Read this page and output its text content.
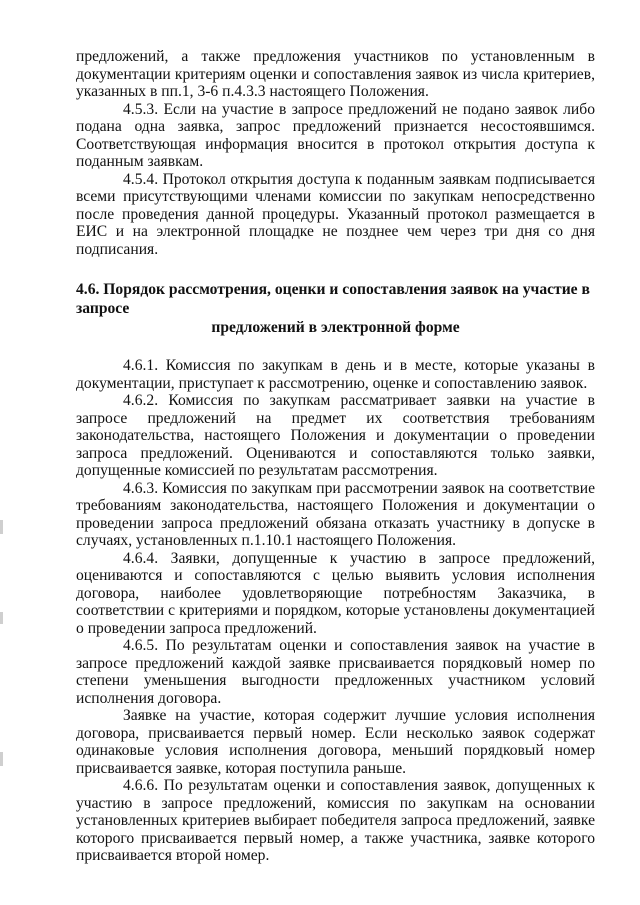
предложений, а также предложения участников по установленным в документации критериям оценки и сопоставления заявок из числа критериев, указанных в пп.1, 3-6 п.4.3.3 настоящего Положения.

4.5.3. Если на участие в запросе предложений не подано заявок либо подана одна заявка, запрос предложений признается несостоявшимся. Соответствующая информация вносится в протокол открытия доступа к поданным заявкам.

4.5.4. Протокол открытия доступа к поданным заявкам подписывается всеми присутствующими членами комиссии по закупкам непосредственно после проведения данной процедуры. Указанный протокол размещается в ЕИС и на электронной площадке не позднее чем через три дня со дня подписания.

4.6. Порядок рассмотрения, оценки и сопоставления заявок на участие в запросе
предложений в электронной форме

4.6.1. Комиссия по закупкам в день и в месте, которые указаны в документации, приступает к рассмотрению, оценке и сопоставлению заявок.

4.6.2. Комиссия по закупкам рассматривает заявки на участие в запросе предложений на предмет их соответствия требованиям законодательства, настоящего Положения и документации о проведении запроса предложений. Оцениваются и сопоставляются только заявки, допущенные комиссией по результатам рассмотрения.

4.6.3. Комиссия по закупкам при рассмотрении заявок на соответствие требованиям законодательства, настоящего Положения и документации о проведении запроса предложений обязана отказать участнику в допуске в случаях, установленных п.1.10.1 настоящего Положения.

4.6.4. Заявки, допущенные к участию в запросе предложений, оцениваются и сопоставляются с целью выявить условия исполнения договора, наиболее удовлетворяющие потребностям Заказчика, в соответствии с критериями и порядком, которые установлены документацией о проведении запроса предложений.

4.6.5. По результатам оценки и сопоставления заявок на участие в запросе предложений каждой заявке присваивается порядковый номер по степени уменьшения выгодности предложенных участником условий исполнения договора.

Заявке на участие, которая содержит лучшие условия исполнения договора, присваивается первый номер. Если несколько заявок содержат одинаковые условия исполнения договора, меньший порядковый номер присваивается заявке, которая поступила раньше.

4.6.6. По результатам оценки и сопоставления заявок, допущенных к участию в запросе предложений, комиссия по закупкам на основании установленных критериев выбирает победителя запроса предложений, заявке которого присваивается первый номер, а также участника, заявке которого присваивается второй номер.
